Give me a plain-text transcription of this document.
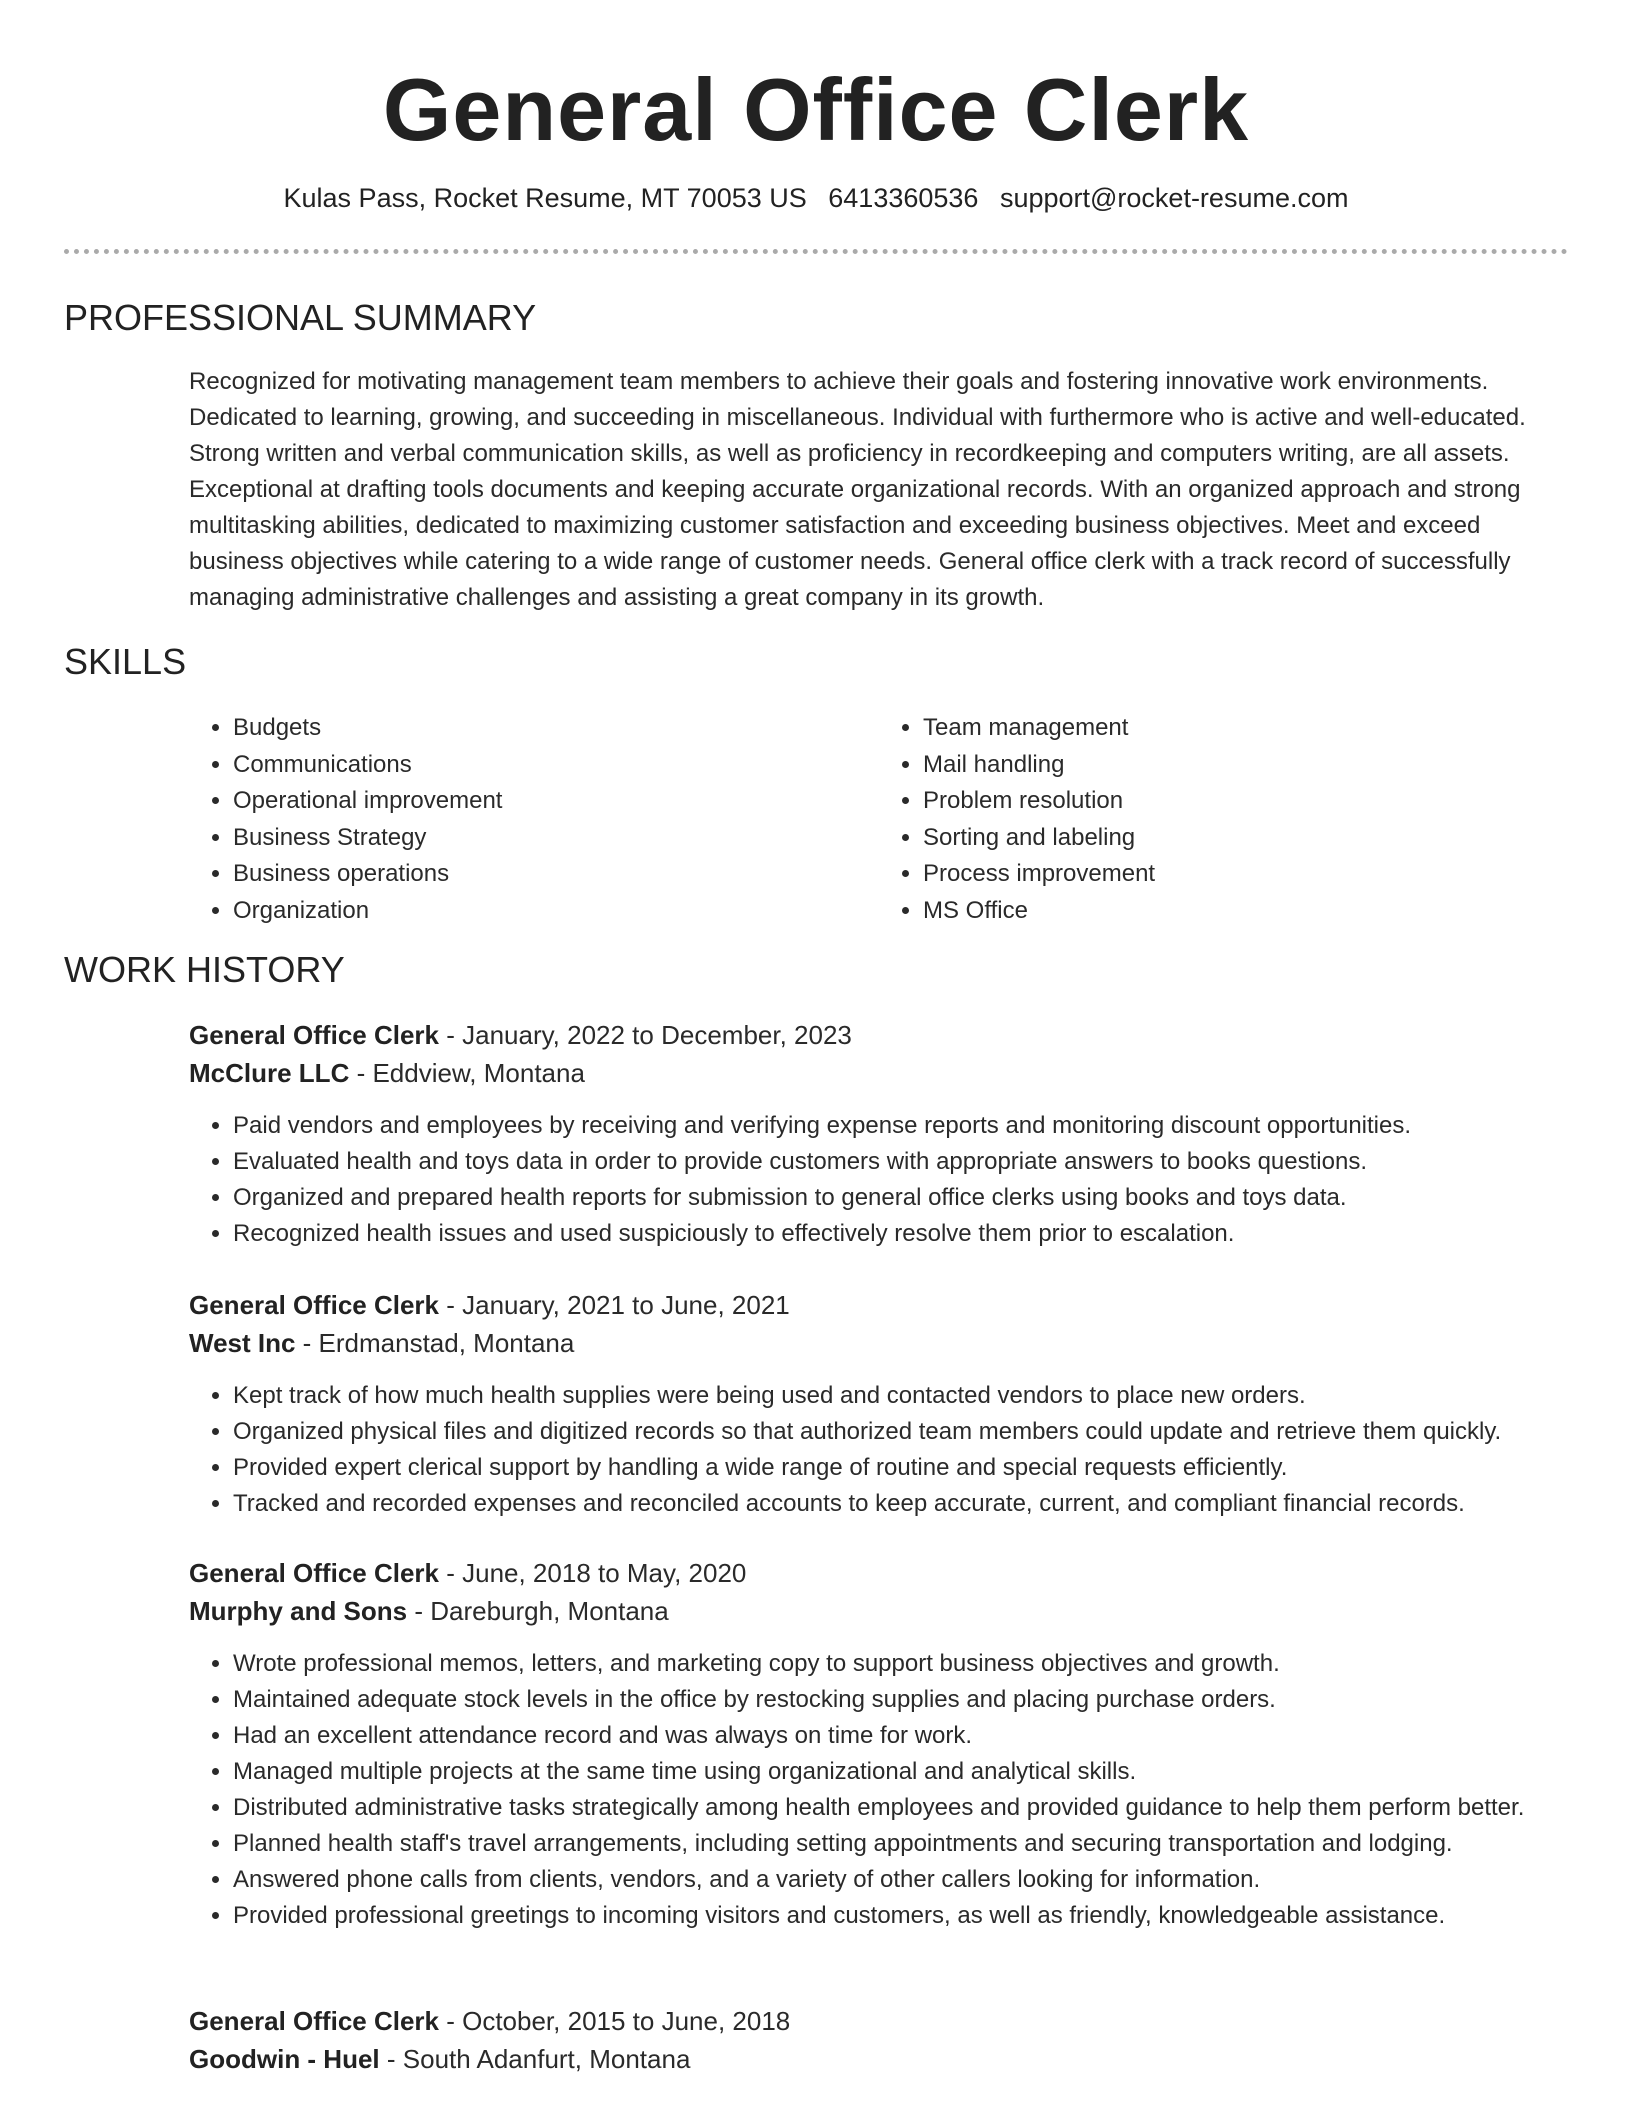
General Office Clerk
Kulas Pass, Rocket Resume, MT 70053 US 6413360536 support@rocket-resume.com
PROFESSIONAL SUMMARY

Recognized for motivating management team members to achieve their goals and fostering innovative work environments. Dedicated to learning, growing, and succeeding in miscellaneous. Individual with furthermore who is active and well-educated. Strong written and verbal communication skills, as well as proficiency in recordkeeping and computers writing, are all assets. Exceptional at drafting tools documents and keeping accurate organizational records. With an organized approach and strong multitasking abilities, dedicated to maximizing customer satisfaction and exceeding business objectives. Meet and exceed business objectives while catering to a wide range of customer needs. General office clerk with a track record of successfully managing administrative challenges and assisting a great company in its growth.

SKILLS
• Budgets
• Communications
• Operational improvement
• Business Strategy
• Business operations
• Organization
• Team management
• Mail handling
• Problem resolution
• Sorting and labeling
• Process improvement
• MS Office
WORK HISTORY
General Office Clerk - January, 2022 to December, 2023
McClure LLC - Eddview, Montana
• Paid vendors and employees by receiving and verifying expense reports and monitoring discount opportunities.
• Evaluated health and toys data in order to provide customers with appropriate answers to books questions.
• Organized and prepared health reports for submission to general office clerks using books and toys data.
• Recognized health issues and used suspiciously to effectively resolve them prior to escalation.
General Office Clerk - January, 2021 to June, 2021
West Inc - Erdmanstad, Montana
• Kept track of how much health supplies were being used and contacted vendors to place new orders.
• Organized physical files and digitized records so that authorized team members could update and retrieve them quickly.
• Provided expert clerical support by handling a wide range of routine and special requests efficiently.
• Tracked and recorded expenses and reconciled accounts to keep accurate, current, and compliant financial records.
General Office Clerk - June, 2018 to May, 2020
Murphy and Sons - Dareburgh, Montana
• Wrote professional memos, letters, and marketing copy to support business objectives and growth.
• Maintained adequate stock levels in the office by restocking supplies and placing purchase orders.
• Had an excellent attendance record and was always on time for work.
• Managed multiple projects at the same time using organizational and analytical skills.
• Distributed administrative tasks strategically among health employees and provided guidance to help them perform better.
• Planned health staff's travel arrangements, including setting appointments and securing transportation and lodging.
• Answered phone calls from clients, vendors, and a variety of other callers looking for information.
• Provided professional greetings to incoming visitors and customers, as well as friendly, knowledgeable assistance.
General Office Clerk - October, 2015 to June, 2018
Goodwin - Huel - South Adanfurt, Montana
